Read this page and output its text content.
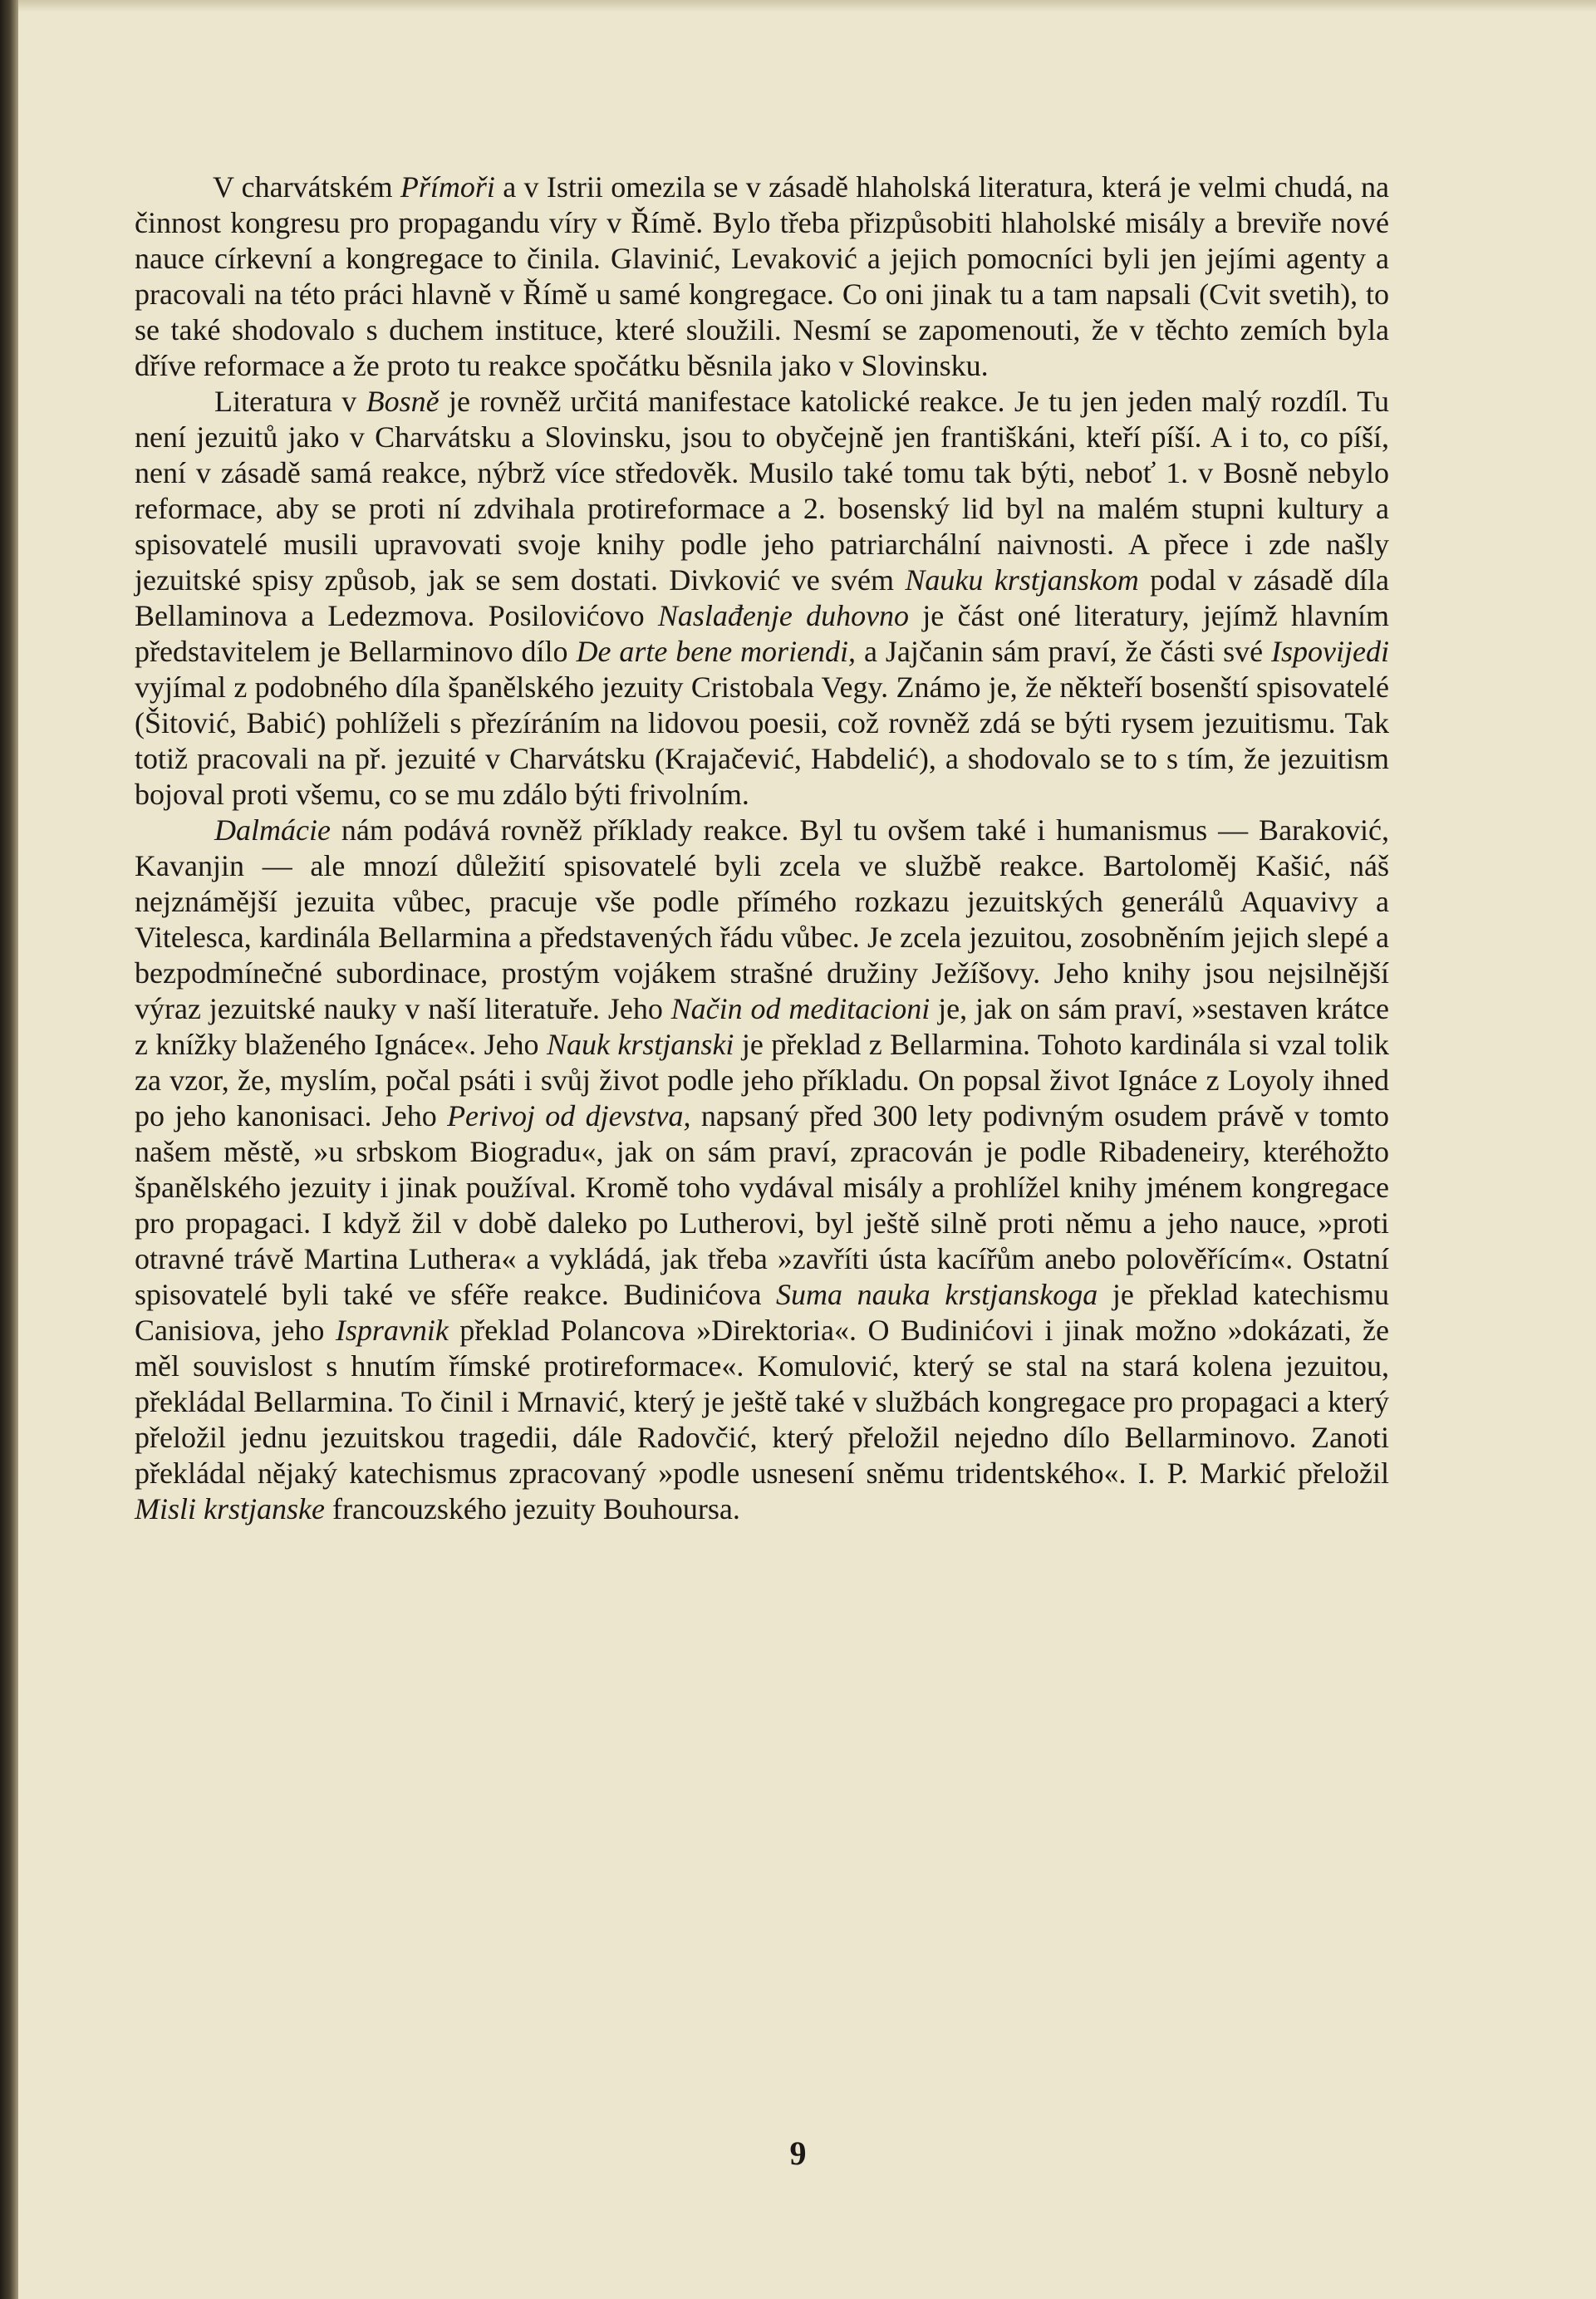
V charvátském Přímoři a v Istrii omezila se v zásadě hlaholská literatura, která je velmi chudá, na činnost kongresu pro propagandu víry v Římě. Bylo třeba přizpůsobiti hlaholské misály a breviře nové nauce církevní a kongregace to činila. Glavinić, Levaković a jejich pomocníci byli jen jejími agenty a pracovali na této práci hlavně v Římě u samé kongregace. Co oni jinak tu a tam napsali (Cvit svetih), to se také shodovalo s duchem instituce, které sloužili. Nesmí se zapomenouti, že v těchto zemích byla dříve reformace a že proto tu reakce spočátku běsnila jako v Slovinsku.

Literatura v Bosně je rovněž určitá manifestace katolické reakce. Je tu jen jeden malý rozdíl. Tu není jezuitů jako v Charvátsku a Slovinsku, jsou to obyčejně jen františkáni, kteří píší. A i to, co píší, není v zásadě samá reakce, nýbrž více středověk. Musilo také tomu tak býti, neboť 1. v Bosně nebylo reformace, aby se proti ní zdvihala protireformace a 2. bosenský lid byl na malém stupni kultury a spisovatelé musili upravovati svoje knihy podle jeho patriarchální naivnosti. A přece i zde našly jezuitské spisy způsob, jak se sem dostati. Divković ve svém Nauku krstjanskom podal v zásadě díla Bellaminova a Ledezmova. Posilovićovo Naslađenje duhovno je část oné literatury, jejímž hlavním představitelem je Bellarminovo dílo De arte bene moriendi, a Jajčanin sám praví, že části své Ispovijedi vyjímal z podobného díla španělského jezuity Cristobala Vegy. Známo je, že někteří bosenští spisovatelé (Šitović, Babić) pohlíželi s přezíráním na lidovou poesii, což rovněž zdá se býti rysem jezuitismu. Tak totiž pracovali na př. jezuité v Charvátsku (Krajačević, Habdelić), a shodovalo se to s tím, že jezuitism bojoval proti všemu, co se mu zdálo býti frivolním.

Dalmácie nám podává rovněž příklady reakce. Byl tu ovšem také i humanismus — Baraković, Kavanjin — ale mnozí důležití spisovatelé byli zcela ve službě reakce. Bartoloměj Kašić, náš nejznámější jezuita vůbec, pracuje vše podle přímého rozkazu jezuitských generálů Aquavivy a Vitelesca, kardinála Bellarmina a představených řádu vůbec. Je zcela jezuitou, zosobněním jejich slepé a bezpodmínečné subordinace, prostým vojákem strašné družiny Ježíšovy. Jeho knihy jsou nejsilnější výraz jezuitské nauky v naší literatuře. Jeho Način od meditacioni je, jak on sám praví, »sestaven krátce z knížky blaženého Ignáce«. Jeho Nauk krstjanski je překlad z Bellarmina. Tohoto kardinála si vzal tolik za vzor, že, myslím, počal psáti i svůj život podle jeho příkladu. On popsal život Ignáce z Loyoly ihned po jeho kanonisaci. Jeho Perivoj od djevstva, napsaný před 300 lety podivným osudem právě v tomto našem městě, »u srbskom Biogradu«, jak on sám praví, zpracován je podle Ribadeneiry, kteréhožto španělského jezuity i jinak používal. Kromě toho vydával misály a prohlížel knihy jménem kongregace pro propagaci. I když žil v době daleko po Lutherovi, byl ještě silně proti němu a jeho nauce, »proti otravné trávě Martina Luthera« a vykládá, jak třeba »zavříti ústa kacířům anebo polověřícím«. Ostatní spisovatelé byli také ve sféře reakce. Budinićova Suma nauka krstjanskoga je překlad katechismu Canisiova, jeho Ispravnik překlad Polancova »Direktoria«. O Budinićovi i jinak možno »dokázati, že měl souvislost s hnutím římské protireformace«. Komulović, který se stal na stará kolena jezuitou, překládal Bellarmina. To činil i Mrnavić, který je ještě také v službách kongregace pro propagaci a který přeložil jednu jezuitskou tragedii, dále Radovčić, který přeložil nejedno dílo Bellarminovo. Zanoti překládal nějaký katechismus zpracovaný »podle usnesení sněmu tridentského«. I. P. Markić přeložil Misli krstjanske francouzského jezuity Bouhoursa.

9
